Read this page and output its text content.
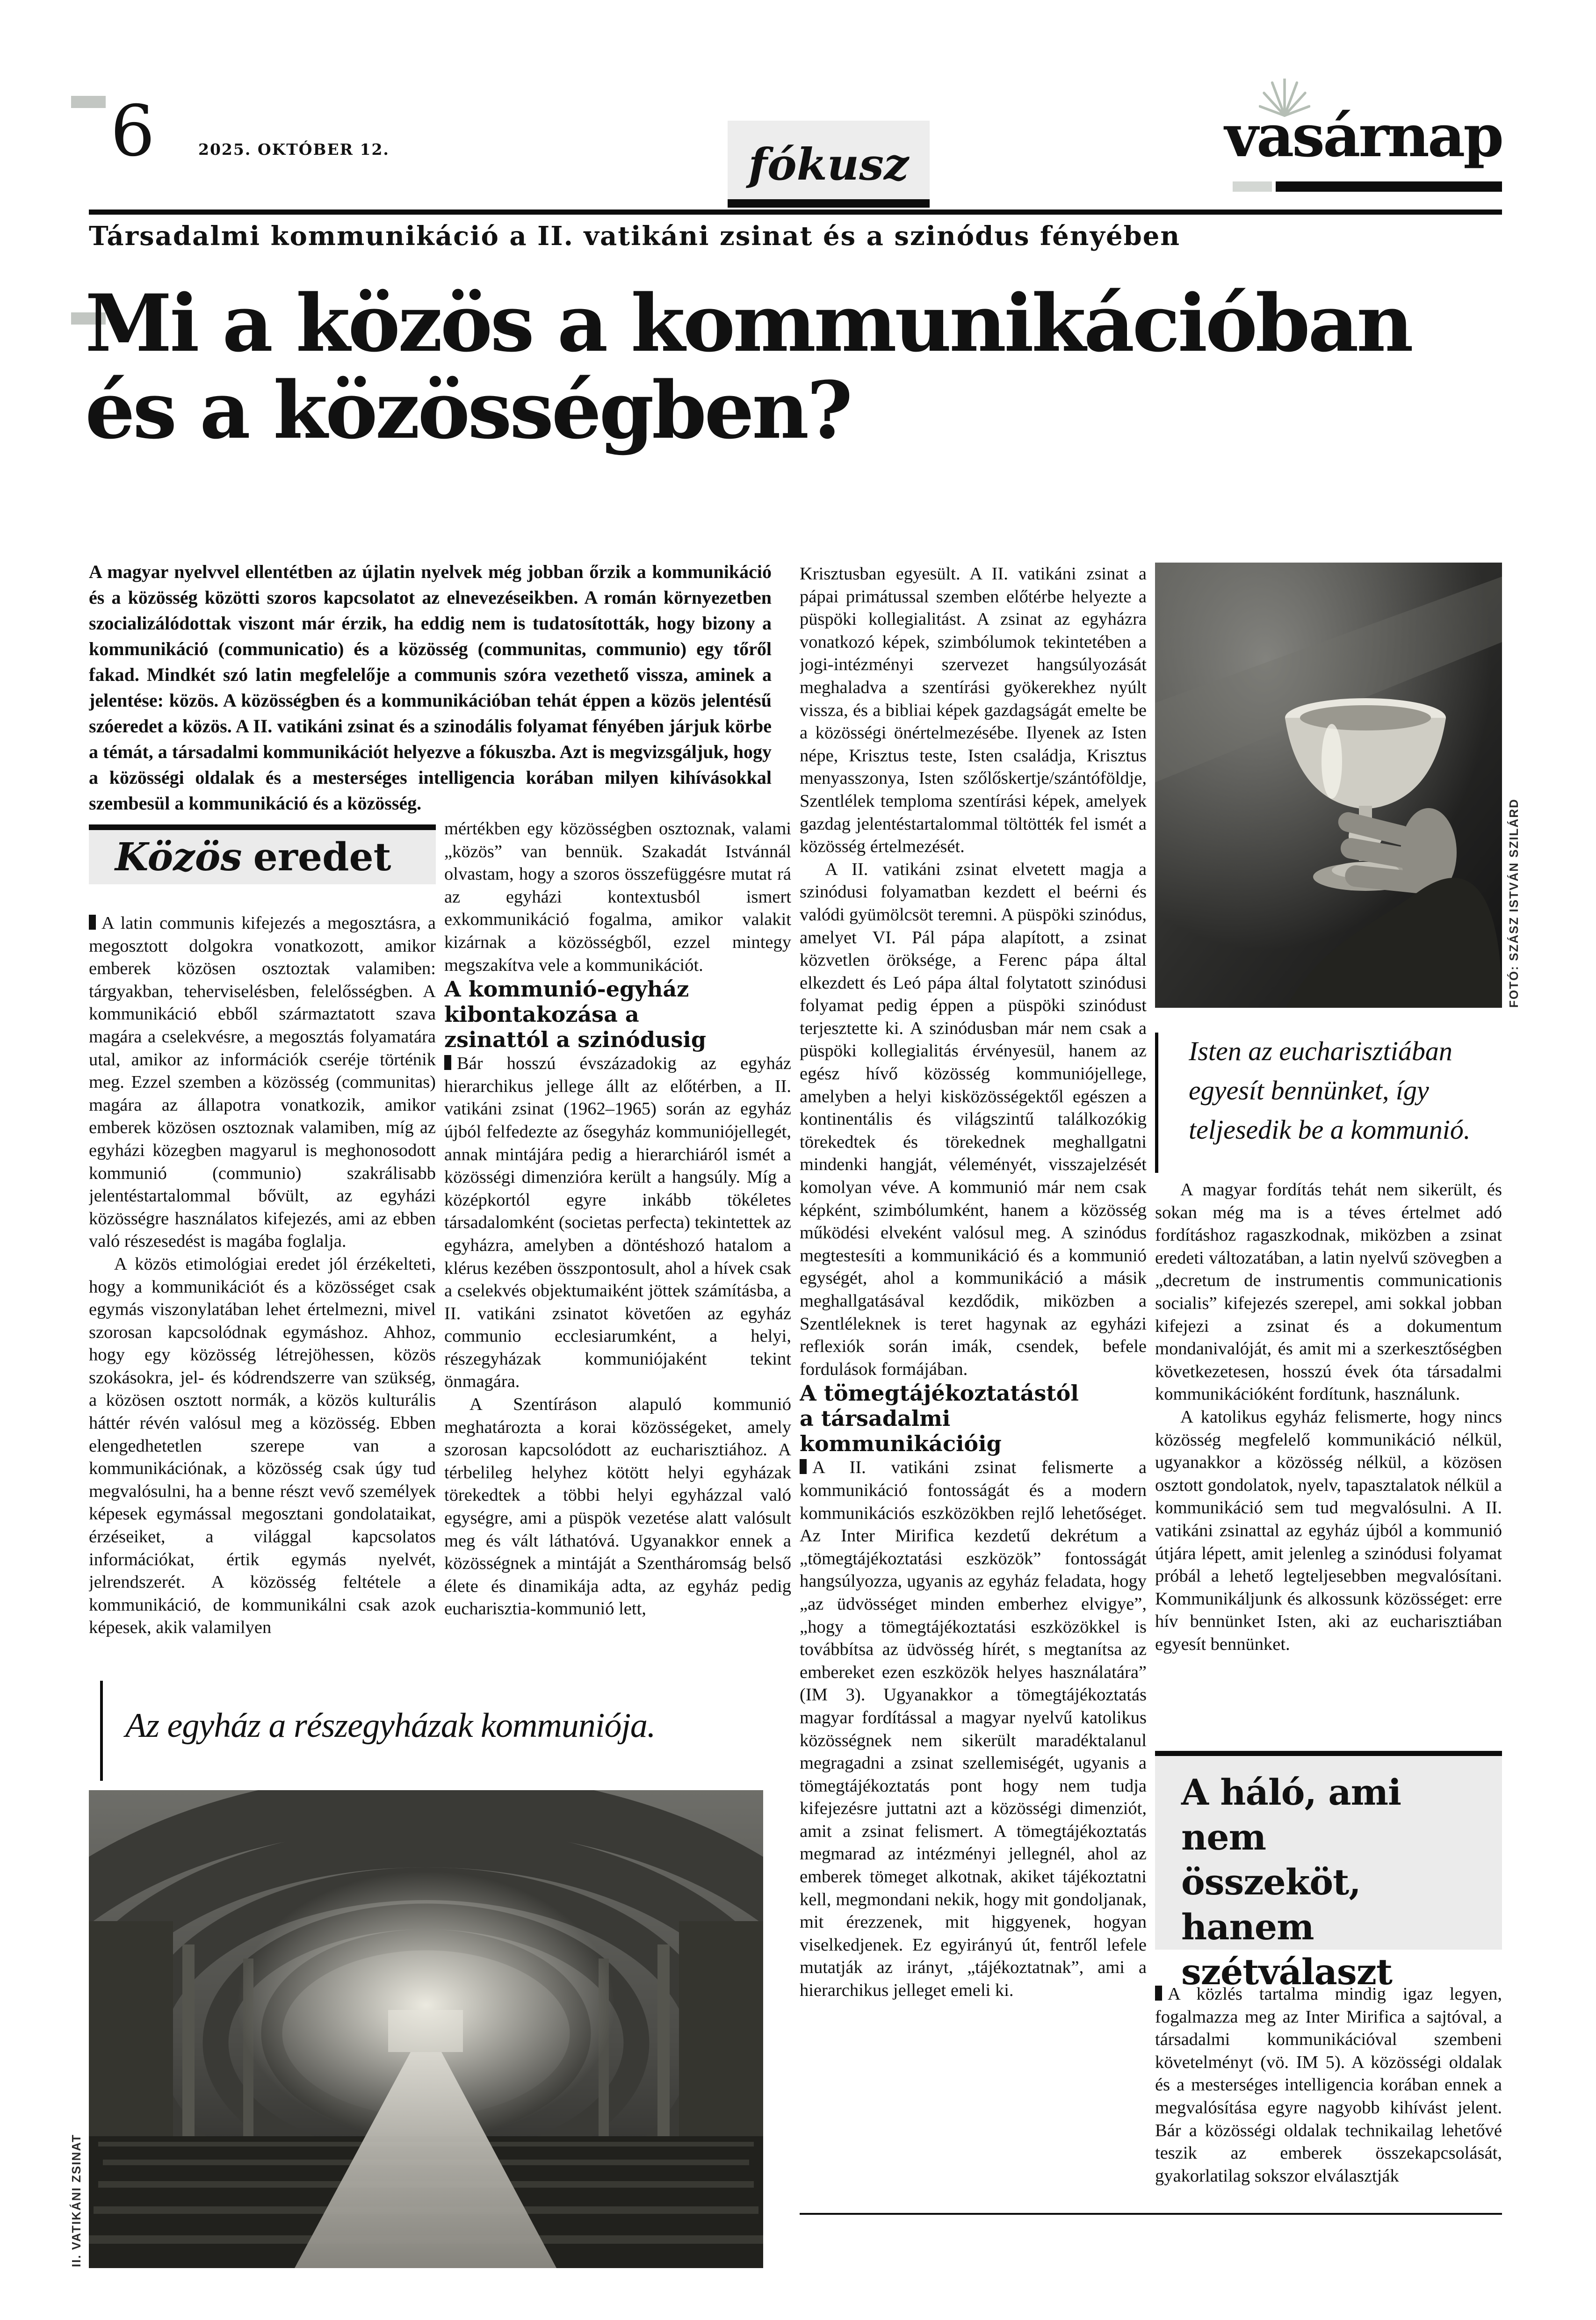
6	2025. OKTÓBER 12.	fókusz	vasárnap
Társadalmi kommunikáció a II. vatikáni zsinat és a szinódus fényében
Mi a közös a kommunikációban és a közösségben?
A magyar nyelvvel ellentétben az újlatin nyelvek még jobban őrzik a kommunikáció és a közösség közötti szoros kapcsolatot az elnevezéseikben. A román környezetben szocializálódottak viszont már érzik, ha eddig nem is tudatosították, hogy bizony a kommunikáció (communicatio) és a közösség (communitas, communio) egy tőről fakad. Mindkét szó latin megfelelője a communis szóra vezethető vissza, aminek a jelentése: közös. A közösségben és a kommunikációban tehát éppen a közös jelentésű szóeredet a közös. A II. vatikáni zsinat és a szinodális folyamat fényében járjuk körbe a témát, a társadalmi kommunikációt helyezve a fókuszba. Azt is megvizsgáljuk, hogy a közösségi oldalak és a mesterséges intelligencia korában milyen kihívásokkal szembesül a kommunikáció és a közösség.
Közös eredet

A latin communis kifejezés a megosztásra, a megosztott dolgokra vonatkozott, amikor emberek közösen osztoztak valamiben: tárgyakban, teherviselésben, felelősségben. A kommunikáció ebből származtatott szava magára a cselekvésre, a megosztás folyamatára utal, amikor az információk cseréje történik meg. Ezzel szemben a közösség (communitas) magára az állapotra vonatkozik, amikor emberek közösen osztoznak valamiben, míg az egyházi közegben magyarul is meghonosodott kommunió (communio) szakrálisabb jelentéstartalommal bővült, az egyházi közösségre használatos kifejezés, ami az ebben való részesedést is magába foglalja.

A közös etimológiai eredet jól érzékelteti, hogy a kommunikációt és a közösséget csak egymás viszonylatában lehet értelmezni, mivel szorosan kapcsolódnak egymáshoz. Ahhoz, hogy egy közösség létrejöhessen, közös szokásokra, jel- és kódrendszerre van szükség, a közösen osztott normák, a közös kulturális háttér révén valósul meg a közösség. Ebben elengedhetetlen szerepe van a kommunikációnak, a közösség csak úgy tud megvalósulni, ha a benne részt vevő személyek képesek egymással megosztani gondolataikat, érzéseiket, a világgal kapcsolatos információkat, értik egymás nyelvét, jelrendszerét. A közösség feltétele a kommunikáció, de kommunikálni csak azok képesek, akik valamilyen

mértékben egy közösségben osztoznak, valami „közös” van bennük. Szakadát Istvánnál olvastam, hogy a szoros összefüggésre mutat rá az egyházi kontextusból ismert exkommunikáció fogalma, amikor valakit kizárnak a közösségből, ezzel mintegy megszakítva vele a kommunikációt.

A kommunió-egyház kibontakozása a zsinattól a szinódusig

Bár hosszú évszázadokig az egyház hierarchikus jellege állt az előtérben, a II. vatikáni zsinat (1962–1965) során az egyház újból felfedezte az ősegyház kommuniójellegét, annak mintájára pedig a hierarchiáról ismét a közösségi dimenzióra került a hangsúly. Míg a középkortól egyre inkább tökéletes társadalomként (societas perfecta) tekintettek az egyházra, amelyben a döntéshozó hatalom a klérus kezében összpontosult, ahol a hívek csak a cselekvés objektumaiként jöttek számításba, a II. vatikáni zsinatot követően az egyház communio ecclesiarumként, a helyi, részegyházak kommuniójaként tekint önmagára.

A Szentíráson alapuló kommunió meghatározta a korai közösségeket, amely szorosan kapcsolódott az eucharisztiához. A térbelileg helyhez kötött helyi egyházak törekedtek a többi helyi egyházzal való egységre, ami a püspök vezetése alatt valósult meg és vált láthatóvá. Ugyanakkor ennek a közösségnek a mintáját a Szentháromság belső élete és dinamikája adta, az egyház pedig eucharisztia-kommunió lett,

Krisztusban egyesült. A II. vatikáni zsinat a pápai primátussal szemben előtérbe helyezte a püspöki kollegialitást. A zsinat az egyházra vonatkozó képek, szimbólumok tekintetében a jogi-intézményi szervezet hangsúlyozását meghaladva a szentírási gyökerekhez nyúlt vissza, és a bibliai képek gazdagságát emelte be a közösségi önértelmezésébe. Ilyenek az Isten népe, Krisztus teste, Isten családja, Krisztus menyasszonya, Isten szőlőskertje/szántóföldje, Szentlélek temploma szentírási képek, amelyek gazdag jelentéstartalommal töltötték fel ismét a közösség értelmezését.

A II. vatikáni zsinat elvetett magja a szinódusi folyamatban kezdett el beérni és valódi gyümölcsöt teremni. A püspöki szinódus, amelyet VI. Pál pápa alapított, a zsinat közvetlen öröksége, a Ferenc pápa által elkezdett és Leó pápa által folytatott szinódusi folyamat pedig éppen a püspöki szinódust terjesztette ki. A szinódusban már nem csak a püspöki kollegialitás érvényesül, hanem az egész hívő közösség kommuniójellege, amelyben a helyi kisközösségektől egészen a kontinentális és világszintű találkozókig törekedtek és törekednek meghallgatni mindenki hangját, véleményét, visszajelzését komolyan véve. A kommunió már nem csak képként, szimbólumként, hanem a közösség működési elveként valósul meg. A szinódus megtestesíti a kommunikáció és a kommunió egységét, ahol a kommunikáció a másik meghallgatásával kezdődik, miközben a Szentléleknek is teret hagynak az egyházi reflexiók során imák, csendek, befele fordulások formájában.

A tömegtájékoztatástól a társadalmi kommunikációig

A II. vatikáni zsinat felismerte a kommunikáció fontosságát és a modern kommunikációs eszközökben rejlő lehetőséget. Az Inter Mirifica kezdetű dekrétum a „tömegtájékoztatási eszközök” fontosságát hangsúlyozza, ugyanis az egyház feladata, hogy „az üdvösséget minden emberhez elvigye”, „hogy a tömegtájékoztatási eszközökkel is továbbítsa az üdvösség hírét, s megtanítsa az embereket ezen eszközök helyes használatára” (IM 3). Ugyanakkor a tömegtájékoztatás magyar fordítással a magyar nyelvű katolikus közösségnek nem sikerült maradéktalanul megragadni a zsinat szellemiségét, ugyanis a tömegtájékoztatás pont hogy nem tudja kifejezésre juttatni azt a közösségi dimenziót, amit a zsinat felismert. A tömegtájékoztatás megmarad az intézményi jellegnél, ahol az emberek tömeget alkotnak, akiket tájékoztatni kell, megmondani nekik, hogy mit gondoljanak, mit érezzenek, mit higgyenek, hogyan viselkedjenek. Ez egyirányú út, fentről lefele mutatják az irányt, „tájékoztatnak”, ami a hierarchikus jelleget emeli ki.

FOTÓ: SZÁSZ ISTVÁN SZILÁRD
Isten az eucharisztiában egyesít bennünket, így teljesedik be a kommunió.

A magyar fordítás tehát nem sikerült, és sokan még ma is a téves értelmet adó fordításhoz ragaszkodnak, miközben a zsinat eredeti változatában, a latin nyelvű szövegben a „decretum de instrumentis communicationis socialis” kifejezés szerepel, ami sokkal jobban kifejezi a zsinat és a dokumentum mondanivalóját, és amit mi a szerkesztőségben következetesen, hosszú évek óta társadalmi kommunikációként fordítunk, használunk.

A katolikus egyház felismerte, hogy nincs közösség megfelelő kommunikáció nélkül, ugyanakkor a közösség nélkül, a közösen osztott gondolatok, nyelv, tapasztalatok nélkül a kommunikáció sem tud megvalósulni. A II. vatikáni zsinattal az egyház újból a kommunió útjára lépett, amit jelenleg a szinódusi folyamat próbál a lehető legteljesebben megvalósítani. Kommunikáljunk és alkossunk közösséget: erre hív bennünket Isten, aki az eucharisztiában egyesít bennünket.

A háló, ami nem összeköt, hanem szétválaszt

A közlés tartalma mindig igaz legyen, fogalmazza meg az Inter Mirifica a sajtóval, a társadalmi kommunikációval szembeni követelményt (vö. IM 5). A közösségi oldalak és a mesterséges intelligencia korában ennek a megvalósítása egyre nagyobb kihívást jelent. Bár a közösségi oldalak technikailag lehetővé teszik az emberek összekapcsolását, gyakorlatilag sokszor elválasztják

Az egyház a részegyházak kommuniója.
II. VATIKÁNI ZSINAT
